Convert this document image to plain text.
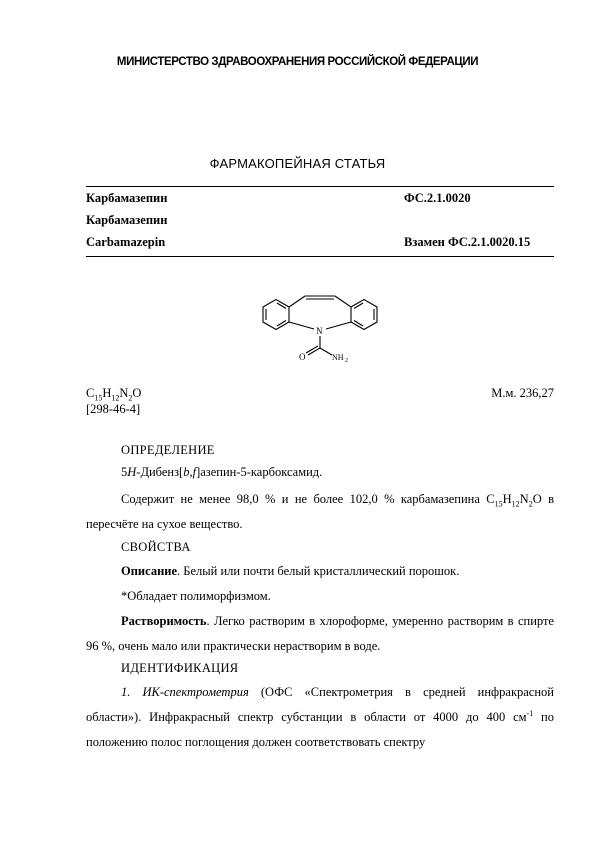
МИНИСТЕРСТВО ЗДРАВООХРАНЕНИЯ РОССИЙСКОЙ ФЕДЕРАЦИИ
ФАРМАКОПЕЙНАЯ СТАТЬЯ
Карбамазепин	ФС.2.1.0020
Карбамазепин
Carbamazepin	Взамен ФС.2.1.0020.15
N
O	NH 2
$C_{15}H_{12}N_2O$
[298-46-4]
М.м. 236,27
ОПРЕДЕЛЕНИЕ
5H-Дибенз[b,f]азепин-5-карбоксамид.
Содержит не менее 98,0 % и не более 102,0 % карбамазепина $C_{15}H_{12}N_2O$ в пересчёте на сухое вещество.
СВОЙСТВА
Описание. Белый или почти белый кристаллический порошок.
*Обладает полиморфизмом.
Растворимость. Легко растворим в хлороформе, умеренно растворим в спирте 96 %, очень мало или практически нерастворим в воде.
ИДЕНТИФИКАЦИЯ
1. ИК-спектрометрия (ОФС «Спектрометрия в средней инфракрасной области»). Инфракрасный спектр субстанции в области от 4000 до 400 $см^{-1}$ по положению полос поглощения должен соответствовать спектру
